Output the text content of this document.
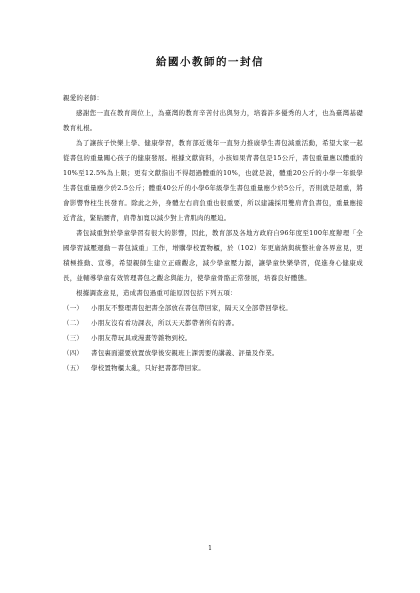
給國小教師的一封信

親愛的老師：

感謝您一直在教育崗位上，為臺灣的教育辛苦付出與努力，培養許多優秀的人才，也為臺灣基礎教育札根。

為了讓孩子快樂上學、健康學習，教育部近幾年一直努力推廣學生書包減重活動，希望大家一起從書包的重量關心孩子的健康發展。根據文獻資料，小孩如果背書包是15公斤，書包重量應以體重的10%至12.5%為上限；更有文獻指出不得超過體重的10%，也就是說，體重20公斤的小學一年級學生書包重量應少於2.5公斤；體重40公斤的小學6年級學生書包重量應少於5公斤，否則就是超重，將會影響脊柱生長發育。除此之外，身體左右肩負重也很重要，所以建議採用雙肩背負書包，重量應接近背盆，緊貼腰背，肩帶加寬以減少對上背肌肉的壓迫。

書包減重對於學童學習有很大的影響，因此，教育部及各地方政府自96年度至100年度辦理「全國學習減壓運動－書包減重」工作，增購學校置物櫃，於（102）年更廣納與統整社會各界意見，更積極推動、宣導，希望親師生建立正確觀念，減少學童壓力源，讓學童快樂學習，促進身心健康成長，並輔導學童有效管理書包之觀念與能力，使學童骨骼正常發展，培養良好體態。

根據調查意見，造成書包過重可能原因包括下列五項：

（一） 小朋友不整理書包把書全部放在書包帶回家，隔天又全部帶回學校。
（二） 小朋友沒有看功課表，所以天天都帶著所有的書。
（三） 小朋友帶玩具或漫畫等雜物到校。
（四） 書包裏面還要放置放學後安親班上課需要的講義、評量及作業。
（五） 學校置物櫃太亂，只好把書都帶回家。
1
